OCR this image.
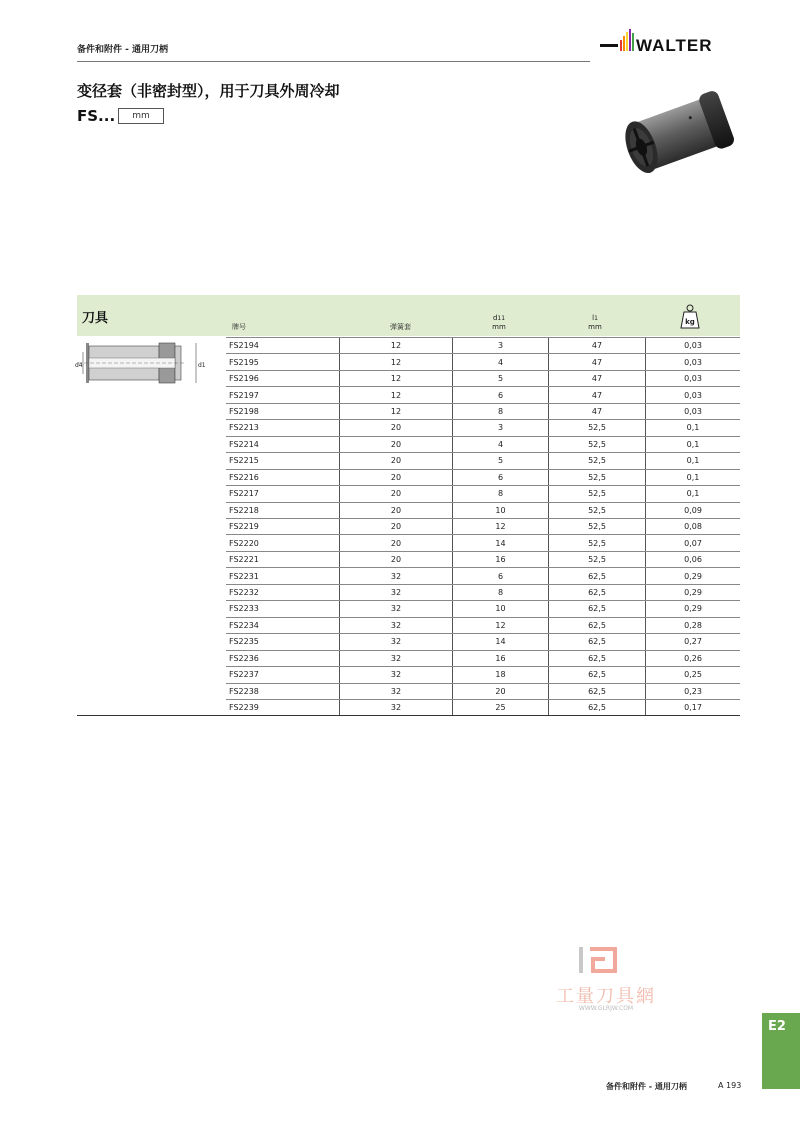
备件和附件 - 通用刀柄	WALTER
变径套（非密封型），用于刀具外周冷却
FS...	mm
刀具
牌号	弹簧套
d11
mm
l1
mm
kg
d4	d1
FS2194	12	3	47	0,03
FS2195	12	4	47	0,03
FS2196	12	5	47	0,03
FS2197	12	6	47	0,03
FS2198	12	8	47	0,03
FS2213	20	3	52,5	0,1
FS2214	20	4	52,5	0,1
FS2215	20	5	52,5	0,1
FS2216	20	6	52,5	0,1
FS2217	20	8	52,5	0,1
FS2218	20	10	52,5	0,09
FS2219	20	12	52,5	0,08
FS2220	20	14	52,5	0,07
FS2221	20	16	52,5	0,06
FS2231	32	6	62,5	0,29
FS2232	32	8	62,5	0,29
FS2233	32	10	62,5	0,29
FS2234	32	12	62,5	0,28
FS2235	32	14	62,5	0,27
FS2236	32	16	62,5	0,26
FS2237	32	18	62,5	0,25
FS2238	32	20	62,5	0,23
FS2239	32	25	62,5	0,17
工量刀具網
WWW.GLRJW.COM
E2
备件和附件 - 通用刀柄	A 193
